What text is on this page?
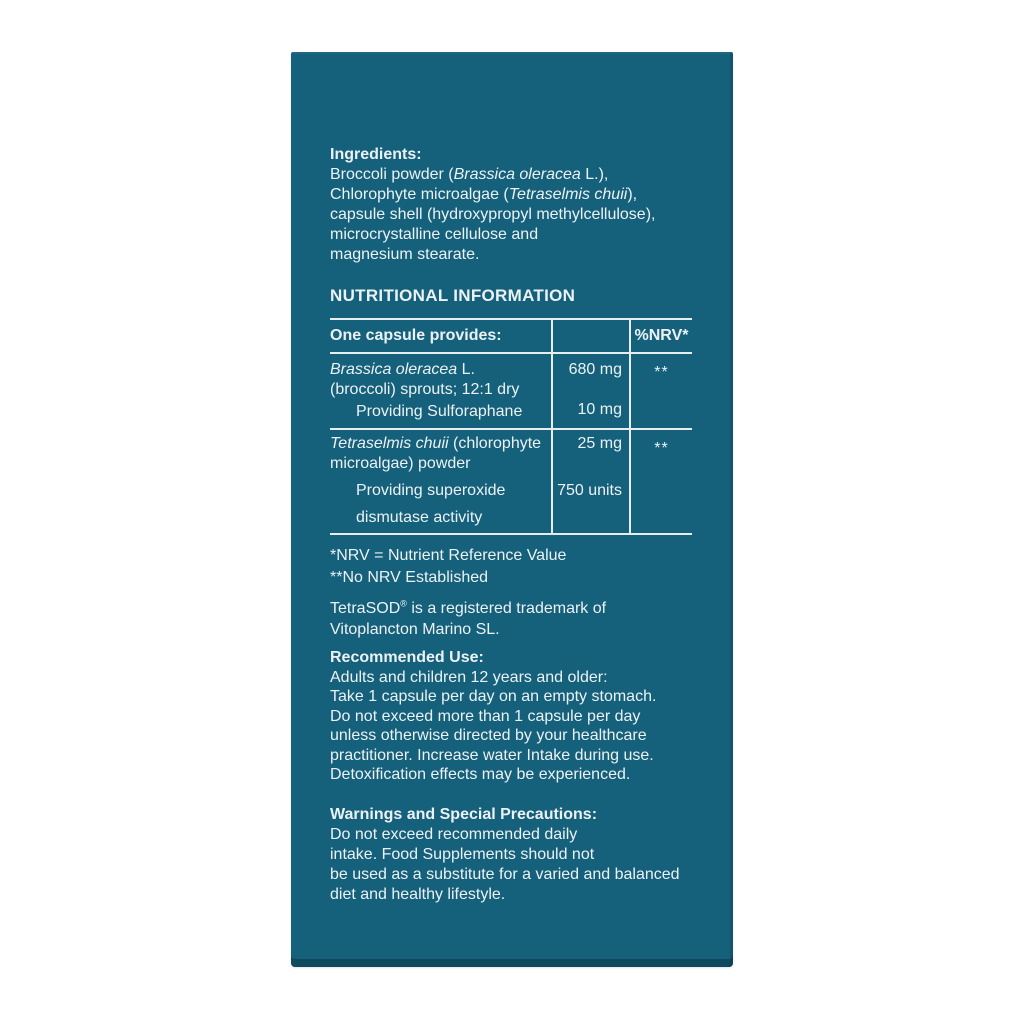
Ingredients:
Broccoli powder (Brassica oleracea L.),
Chlorophyte microalgae (Tetraselmis chuii),
capsule shell (hydroxypropyl methylcellulose),
microcrystalline cellulose and
magnesium stearate.
NUTRITIONAL INFORMATION
One capsule provides:	%NRV*
Brassica oleracea L.
(broccoli) sprouts; 12:1 dry
Providing Sulforaphane
680 mg
10 mg
**
Tetraselmis chuii (chlorophyte
microalgae) powder
Providing superoxide
dismutase activity
25 mg
750 units
**
*NRV = Nutrient Reference Value
**No NRV Established
TetraSOD® is a registered trademark of
Vitoplancton Marino SL.
Recommended Use:
Adults and children 12 years and older:
Take 1 capsule per day on an empty stomach.
Do not exceed more than 1 capsule per day
unless otherwise directed by your healthcare
practitioner. Increase water Intake during use.
Detoxification effects may be experienced.
Warnings and Special Precautions:
Do not exceed recommended daily
intake. Food Supplements should not
be used as a substitute for a varied and balanced
diet and healthy lifestyle.
